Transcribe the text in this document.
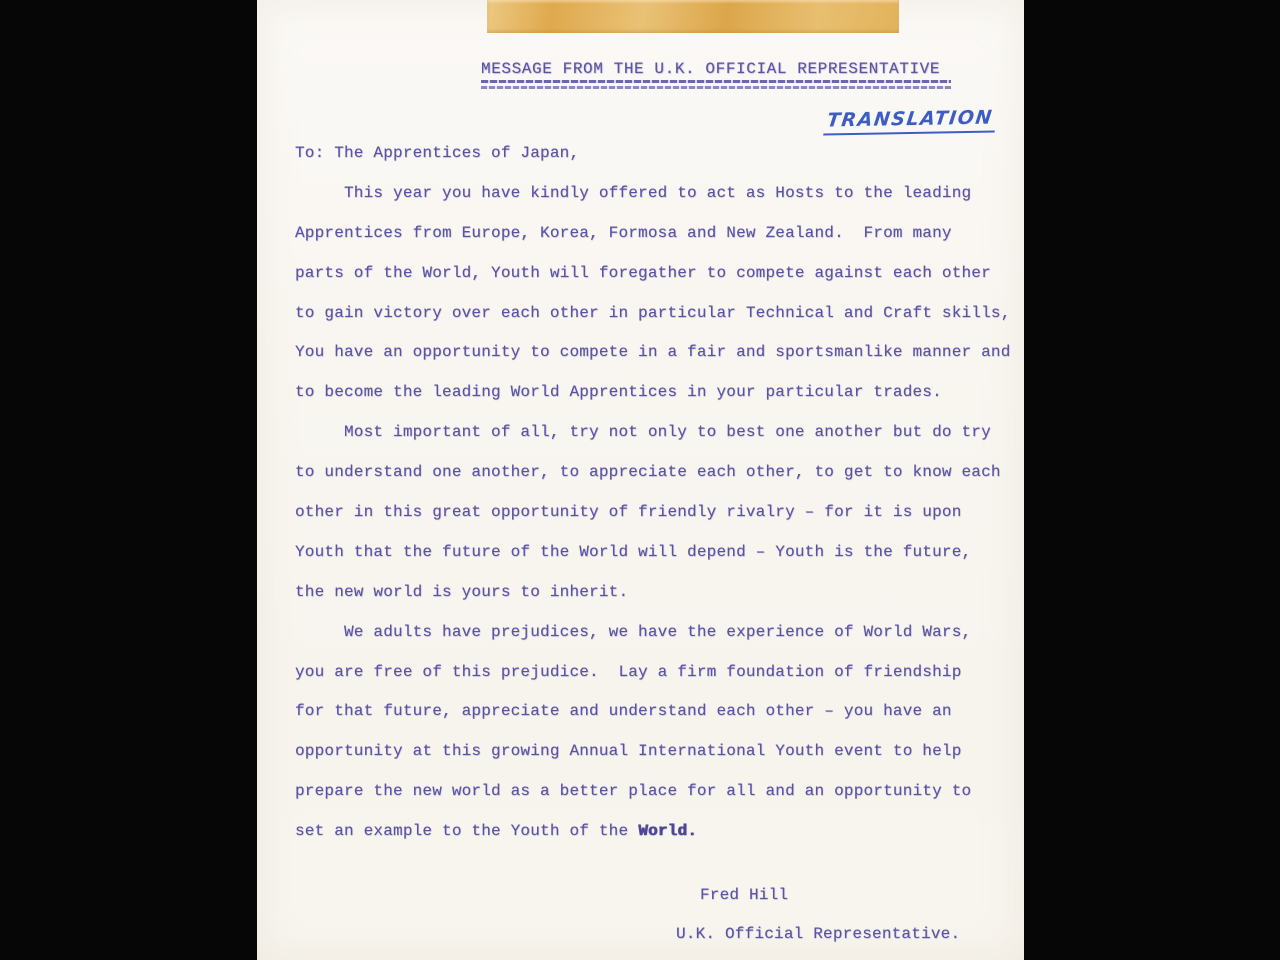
MESSAGE FROM THE U.K. OFFICIAL REPRESENTATIVE
TRANSLATION
To: The Apprentices of Japan,
This year you have kindly offered to act as Hosts to the leading
Apprentices from Europe, Korea, Formosa and New Zealand.  From many
parts of the World, Youth will foregather to compete against each other
to gain victory over each other in particular Technical and Craft skills,
You have an opportunity to compete in a fair and sportsmanlike manner and
to become the leading World Apprentices in your particular trades.
Most important of all, try not only to best one another but do try
to understand one another, to appreciate each other, to get to know each
other in this great opportunity of friendly rivalry – for it is upon
Youth that the future of the World will depend – Youth is the future,
the new world is yours to inherit.
We adults have prejudices, we have the experience of World Wars,
you are free of this prejudice.  Lay a firm foundation of friendship
for that future, appreciate and understand each other – you have an
opportunity at this growing Annual International Youth event to help
prepare the new world as a better place for all and an opportunity to
set an example to the Youth of the World.
Fred Hill
U.K. Official Representative.
